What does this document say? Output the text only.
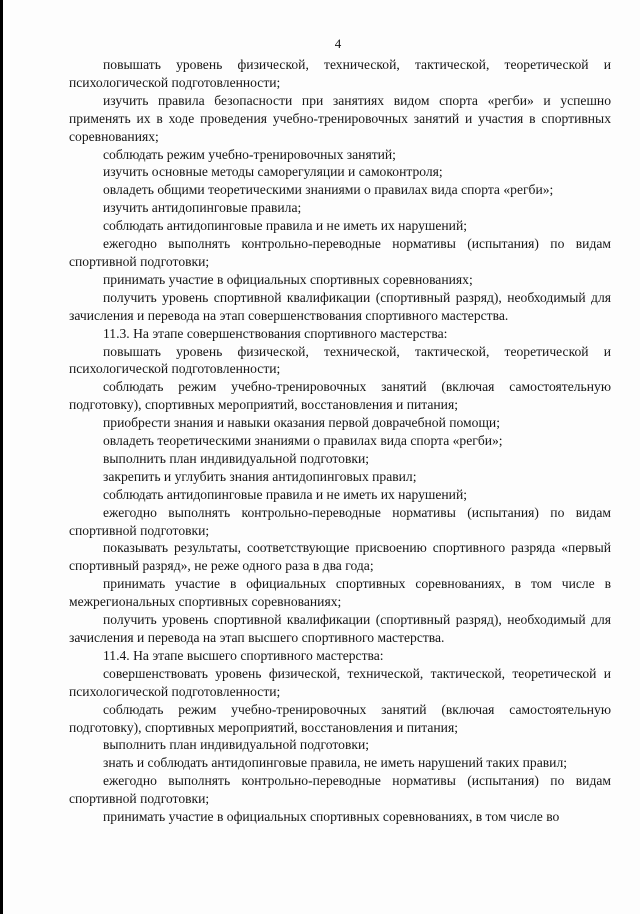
4

повышать уровень физической, технической, тактической, теоретической и психологической подготовленности;

изучить правила безопасности при занятиях видом спорта «регби» и успешно применять их в ходе проведения учебно-тренировочных занятий и участия в спортивных соревнованиях;

соблюдать режим учебно-тренировочных занятий;

изучить основные методы саморегуляции и самоконтроля;

овладеть общими теоретическими знаниями о правилах вида спорта «регби»;

изучить антидопинговые правила;

соблюдать антидопинговые правила и не иметь их нарушений;

ежегодно выполнять контрольно-переводные нормативы (испытания) по видам спортивной подготовки;

принимать участие в официальных спортивных соревнованиях;

получить уровень спортивной квалификации (спортивный разряд), необходимый для зачисления и перевода на этап совершенствования спортивного мастерства.

11.3. На этапе совершенствования спортивного мастерства:

повышать уровень физической, технической, тактической, теоретической и психологической подготовленности;

соблюдать режим учебно-тренировочных занятий (включая самостоятельную подготовку), спортивных мероприятий, восстановления и питания;

приобрести знания и навыки оказания первой доврачебной помощи;

овладеть теоретическими знаниями о правилах вида спорта «регби»;

выполнить план индивидуальной подготовки;

закрепить и углубить знания антидопинговых правил;

соблюдать антидопинговые правила и не иметь их нарушений;

ежегодно выполнять контрольно-переводные нормативы (испытания) по видам спортивной подготовки;

показывать результаты, соответствующие присвоению спортивного разряда «первый спортивный разряд», не реже одного раза в два года;

принимать участие в официальных спортивных соревнованиях, в том числе в межрегиональных спортивных соревнованиях;

получить уровень спортивной квалификации (спортивный разряд), необходимый для зачисления и перевода на этап высшего спортивного мастерства.

11.4. На этапе высшего спортивного мастерства:

совершенствовать уровень физической, технической, тактической, теоретической и психологической подготовленности;

соблюдать режим учебно-тренировочных занятий (включая самостоятельную подготовку), спортивных мероприятий, восстановления и питания;

выполнить план индивидуальной подготовки;

знать и соблюдать антидопинговые правила, не иметь нарушений таких правил;

ежегодно выполнять контрольно-переводные нормативы (испытания) по видам спортивной подготовки;

принимать участие в официальных спортивных соревнованиях, в том числе во
